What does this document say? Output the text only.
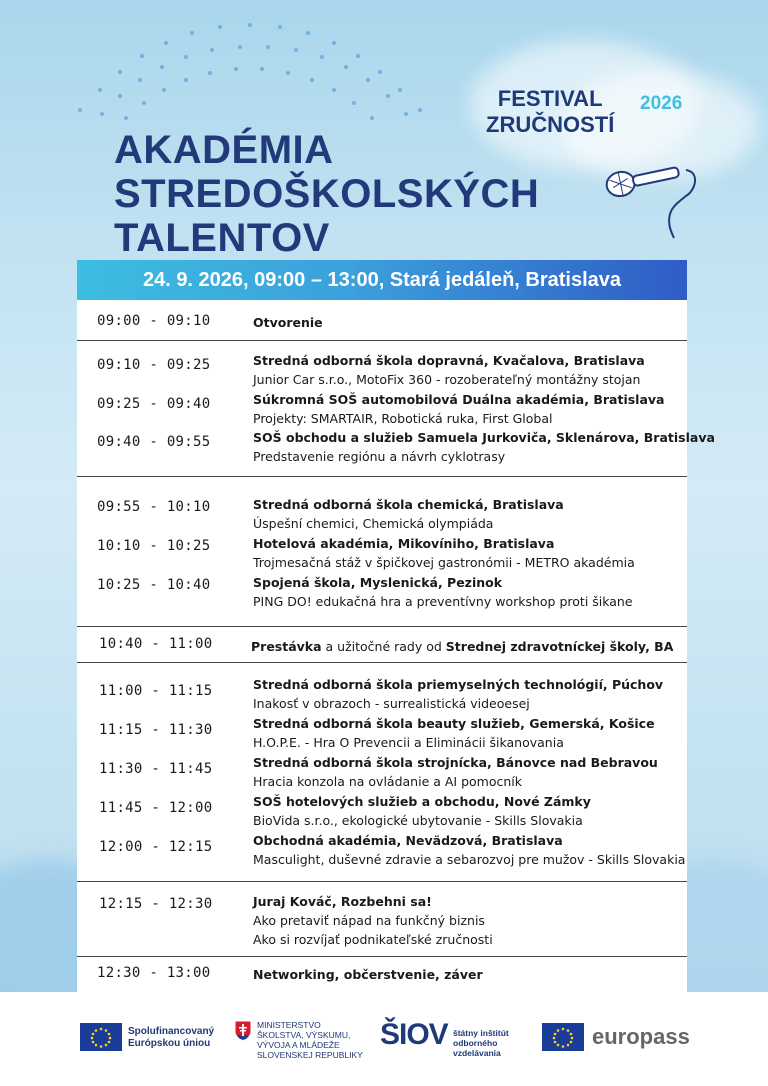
FESTIVAL
ZRUČNOSTÍ
2026
AKADÉMIA
STREDOŠKOLSKÝCH
TALENTOV
24. 9. 2026, 09:00 – 13:00, Stará jedáleň, Bratislava
09:00 - 09:10	Otvorenie
09:10 - 09:25	Stredná odborná škola dopravná, Kvačalova, Bratislava
Junior Car s.r.o., MotoFix 360 - rozoberateľný montážny stojan
09:25 - 09:40	Súkromná SOŠ automobilová Duálna akadémia, Bratislava
Projekty: SMARTAIR, Robotická ruka, First Global
09:40 - 09:55	SOŠ obchodu a služieb Samuela Jurkoviča, Sklenárova, Bratislava
Predstavenie regiónu a návrh cyklotrasy
09:55 - 10:10	Stredná odborná škola chemická, Bratislava
Úspešní chemici, Chemická olympiáda
10:10 - 10:25	Hotelová akadémia, Mikovíniho, Bratislava
Trojmesačná stáž v špičkovej gastronómii - METRO akadémia
10:25 - 10:40	Spojená škola, Myslenická, Pezinok
PING DO! edukačná hra a preventívny workshop proti šikane
10:40 - 11:00	Prestávka a užitočné rady od Strednej zdravotníckej školy, BA
11:00 - 11:15	Stredná odborná škola priemyselných technológií, Púchov
Inakosť v obrazoch - surrealistická videoesej
11:15 - 11:30	Stredná odborná škola beauty služieb, Gemerská, Košice
H.O.P.E. - Hra O Prevencii a Eliminácii šikanovania
11:30 - 11:45	Stredná odborná škola strojnícka, Bánovce nad Bebravou
Hracia konzola na ovládanie a AI pomocník
11:45 - 12:00	SOŠ hotelových služieb a obchodu, Nové Zámky
BioVida s.r.o., ekologické ubytovanie - Skills Slovakia
12:00 - 12:15	Obchodná akadémia, Nevädzová, Bratislava
Masculight, duševné zdravie a sebarozvoj pre mužov - Skills Slovakia
12:15 - 12:30	Juraj Kováč, Rozbehni sa!
Ako pretaviť nápad na funkčný biznis
Ako si rozvíjať podnikateľské zručnosti
12:30 - 13:00	Networking, občerstvenie, záver
Spolufinancovaný
Európskou úniou
MINISTERSTVO
ŠKOLSTVA, VÝSKUMU,
VÝVOJA A MLÁDEŽE
SLOVENSKEJ REPUBLIKY
ŠIOV štátny inštitút
odborného
vzdelávania
europass
